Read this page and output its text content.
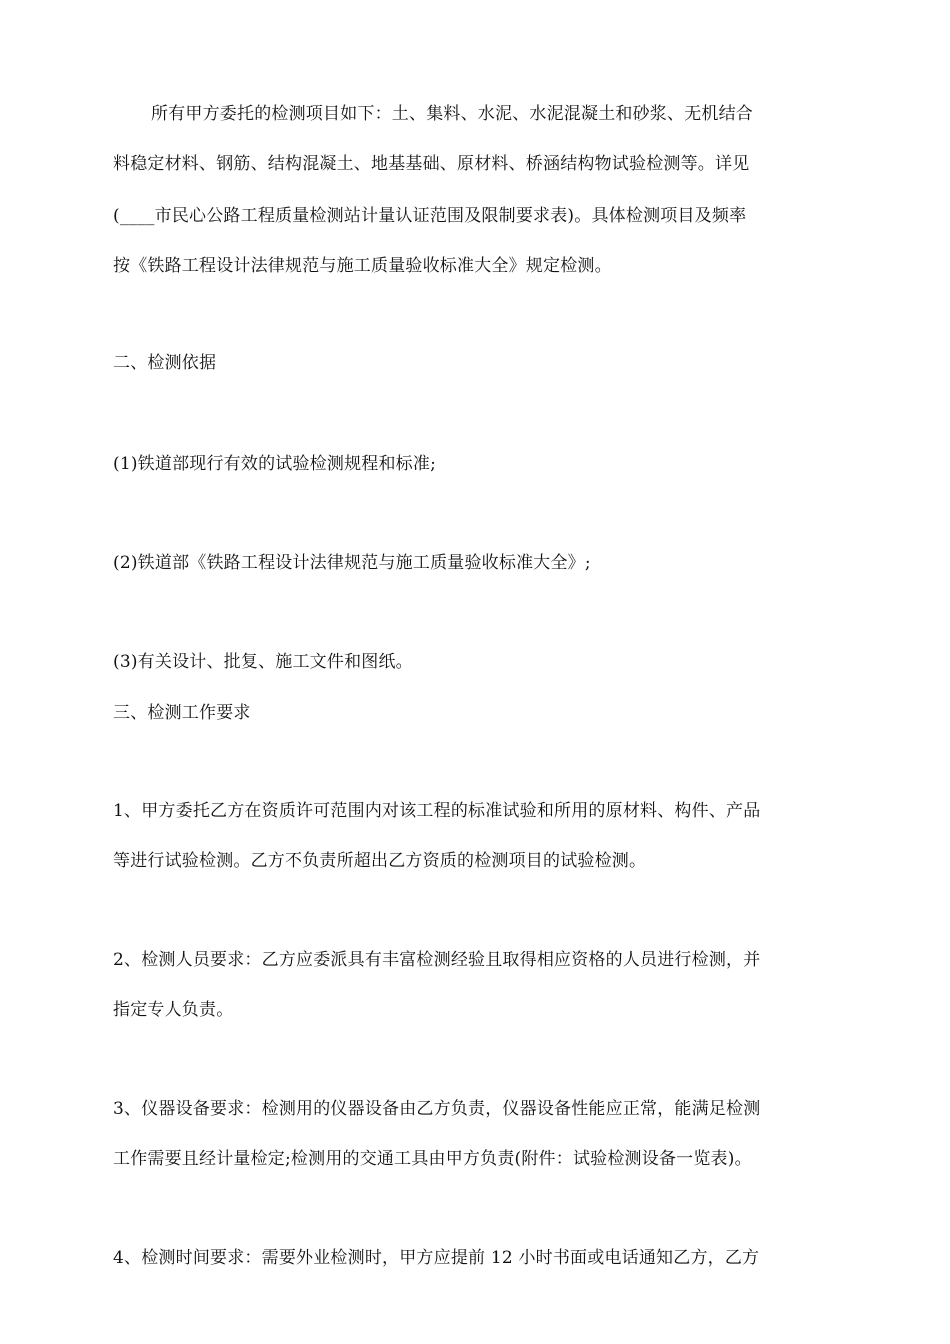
所有甲方委托的检测项目如下：土、集料、水泥、水泥混凝土和砂浆、无机结合
料稳定材料、钢筋、结构混凝土、地基基础、原材料、桥涵结构物试验检测等。详见
(____市民心公路工程质量检测站计量认证范围及限制要求表)。具体检测项目及频率
按《铁路工程设计法律规范与施工质量验收标准大全》规定检测。
二、检测依据
(1)铁道部现行有效的试验检测规程和标准;
(2)铁道部《铁路工程设计法律规范与施工质量验收标准大全》;
(3)有关设计、批复、施工文件和图纸。
三、检测工作要求
1、甲方委托乙方在资质许可范围内对该工程的标准试验和所用的原材料、构件、产品
等进行试验检测。乙方不负责所超出乙方资质的检测项目的试验检测。
2、检测人员要求：乙方应委派具有丰富检测经验且取得相应资格的人员进行检测，并
指定专人负责。
3、仪器设备要求：检测用的仪器设备由乙方负责，仪器设备性能应正常，能满足检测
工作需要且经计量检定;检测用的交通工具由甲方负责(附件：试验检测设备一览表)。
4、检测时间要求：需要外业检测时，甲方应提前 12 小时书面或电话通知乙方，乙方
